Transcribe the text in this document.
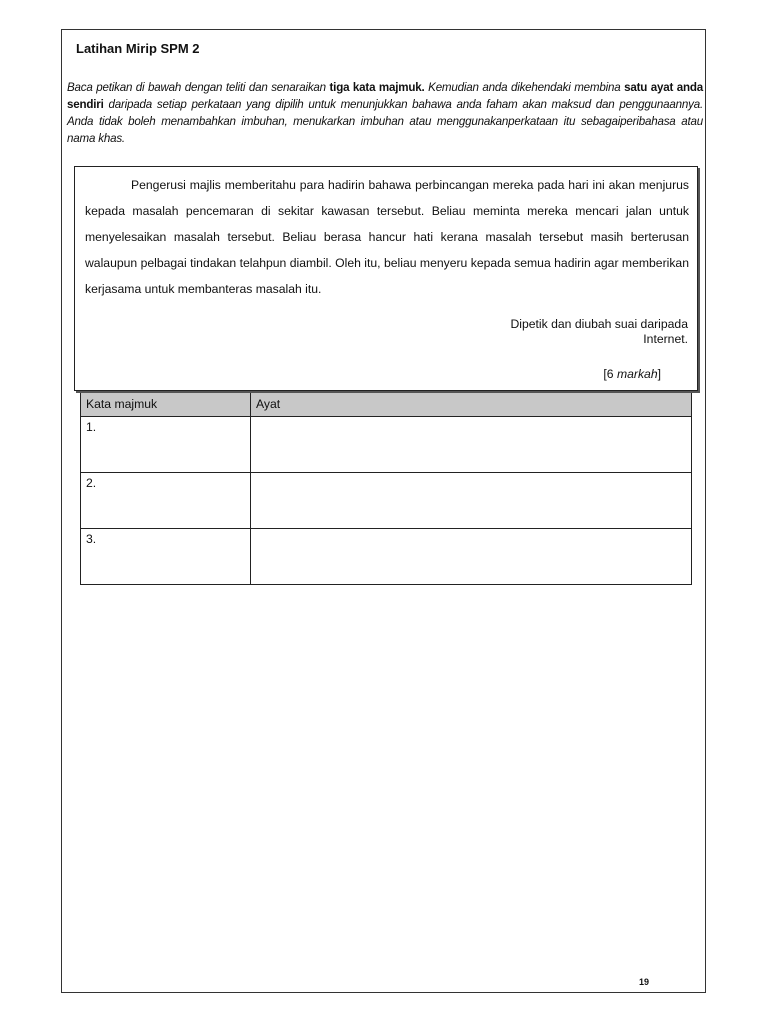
Latihan Mirip SPM 2
Baca petikan di bawah dengan teliti dan senaraikan tiga kata majmuk. Kemudian anda dikehendaki membina satu ayat anda sendiri daripada setiap perkataan yang dipilih untuk menunjukkan bahawa anda faham akan maksud dan penggunaannya. Anda tidak boleh menambahkan imbuhan, menukarkan imbuhan atau menggunakanperkataan itu sebagaiperibahasa atau nama khas.

Pengerusi majlis memberitahu para hadirin bahawa perbincangan mereka pada hari ini akan menjurus kepada masalah pencemaran di sekitar kawasan tersebut. Beliau meminta mereka mencari jalan untuk menyelesaikan masalah tersebut. Beliau berasa hancur hati kerana masalah tersebut masih berterusan walaupun pelbagai tindakan telahpun diambil. Oleh itu, beliau menyeru kepada semua hadirin agar memberikan kerjasama untuk membanteras masalah itu.

Dipetik dan diubah suai daripada
Internet.
[6 markah]
Kata majmuk	Ayat
1.	
2.	
3.	
19
